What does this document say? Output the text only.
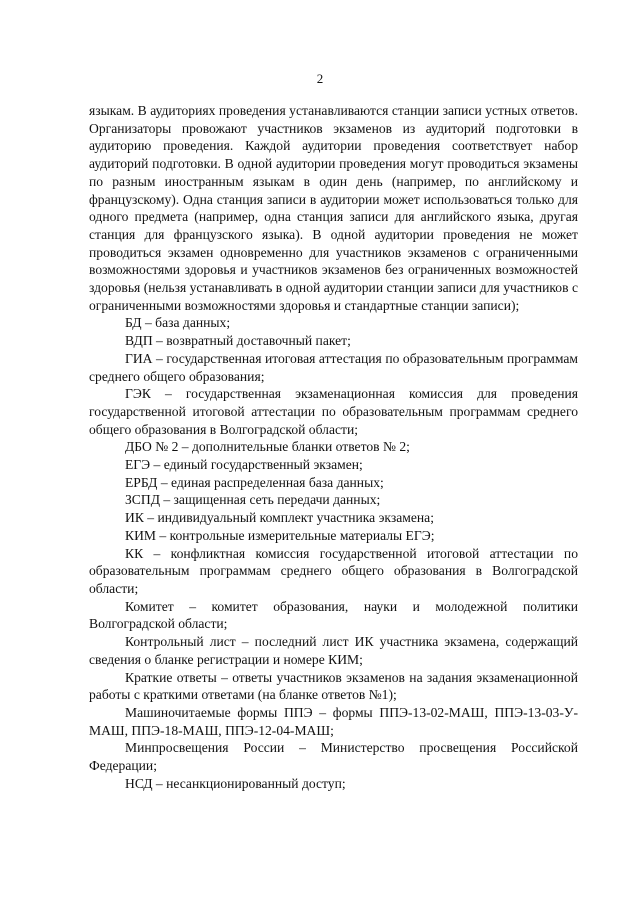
2

языкам. В аудиториях проведения устанавливаются станции записи устных ответов. Организаторы провожают участников экзаменов из аудиторий подготовки в аудиторию проведения. Каждой аудитории проведения соответствует набор аудиторий подготовки. В одной аудитории проведения могут проводиться экзамены по разным иностранным языкам в один день (например, по английскому и французскому). Одна станция записи в аудитории может использоваться только для одного предмета (например, одна станция записи для английского языка, другая станция для французского языка). В одной аудитории проведения не может проводиться экзамен одновременно для участников экзаменов с ограниченными возможностями здоровья и участников экзаменов без ограниченных возможностей здоровья (нельзя устанавливать в одной аудитории станции записи для участников с ограниченными возможностями здоровья и стандартные станции записи);

БД – база данных;

ВДП – возвратный доставочный пакет;

ГИА – государственная итоговая аттестация по образовательным программам среднего общего образования;

ГЭК – государственная экзаменационная комиссия для проведения государственной итоговой аттестации по образовательным программам среднего общего образования в Волгоградской области;

ДБО № 2 – дополнительные бланки ответов № 2;

ЕГЭ – единый государственный экзамен;

ЕРБД – единая распределенная база данных;

ЗСПД – защищенная сеть передачи данных;

ИК – индивидуальный комплект участника экзамена;

КИМ – контрольные измерительные материалы ЕГЭ;

КК – конфликтная комиссия государственной итоговой аттестации по образовательным программам среднего общего образования в Волгоградской области;

Комитет – комитет образования, науки и молодежной политики Волгоградской области;

Контрольный лист – последний лист ИК участника экзамена, содержащий сведения о бланке регистрации и номере КИМ;

Краткие ответы – ответы участников экзаменов на задания экзаменационной работы с краткими ответами (на бланке ответов №1);

Машиночитаемые формы ППЭ – формы ППЭ-13-02-МАШ, ППЭ-13-03-У-МАШ, ППЭ-18-МАШ, ППЭ-12-04-МАШ;

Минпросвещения России – Министерство просвещения Российской Федерации;

НСД – несанкционированный доступ;
